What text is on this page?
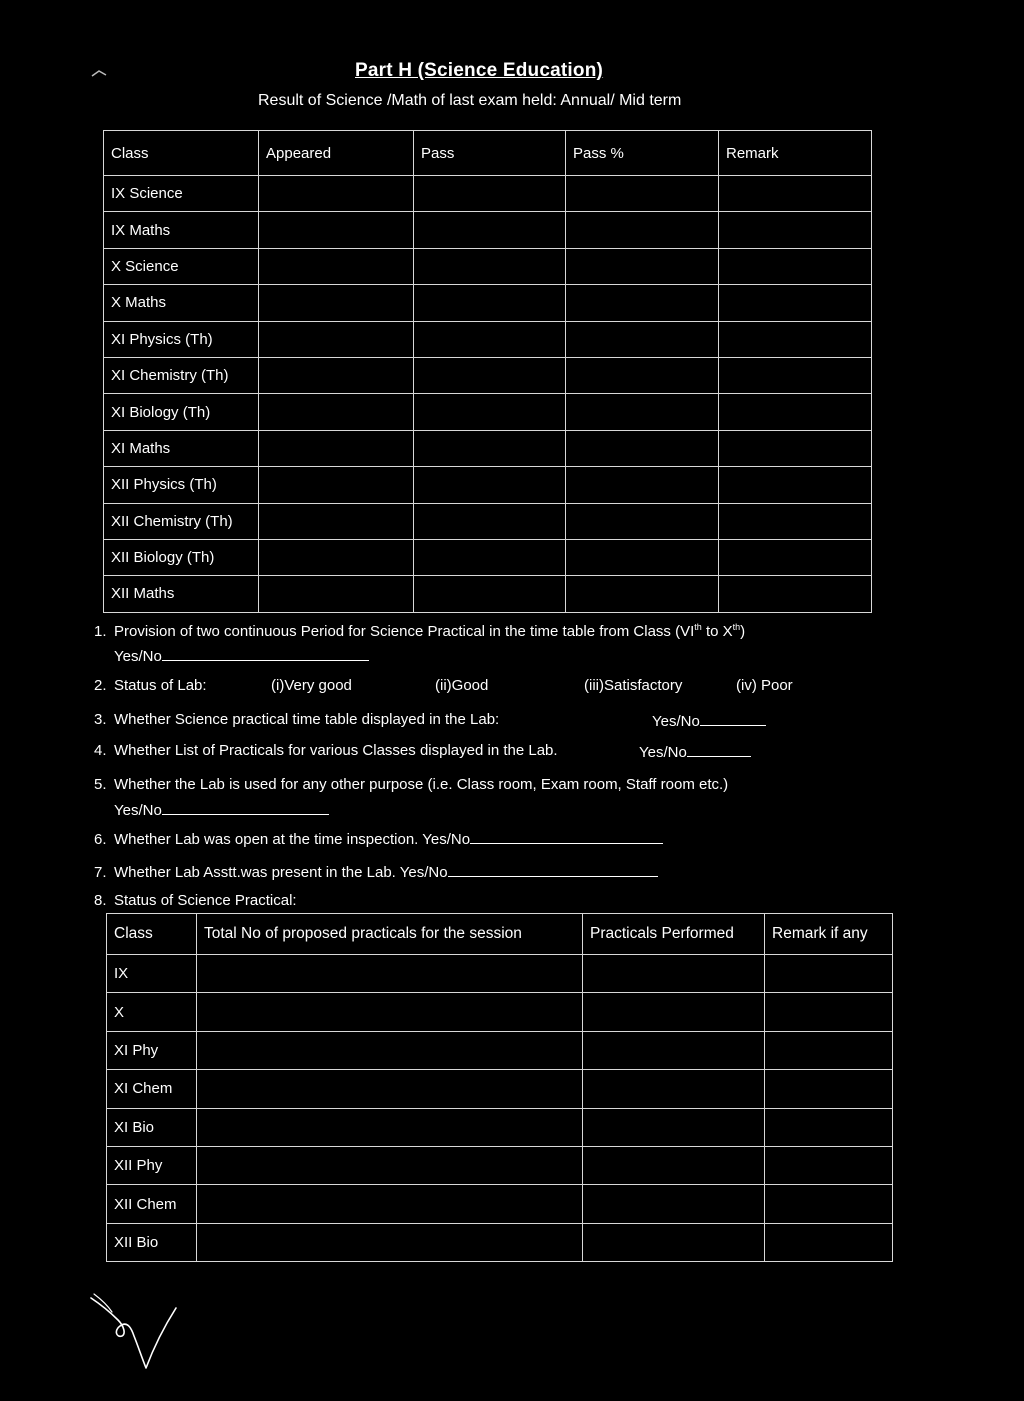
Part H (Science Education)
Result of Science /Math of last exam held: Annual/ Mid term
Class	Appeared	Pass	Pass %	Remark
IX Science				
IX Maths				
X Science				
X Maths				
XI Physics (Th)				
XI Chemistry (Th)				
XI Biology (Th)				
XI Maths				
XII Physics (Th)				
XII Chemistry (Th)				
XII Biology (Th)				
XII Maths				
1. Provision of two continuous Period for Science Practical in the time table from Class (VIth to Xth)
Yes/No
2. Status of Lab:	(i)Very good	(ii)Good	(iii)Satisfactory	(iv) Poor
3. Whether Science practical time table displayed in the Lab:	Yes/No
4. Whether List of Practicals for various Classes displayed in the Lab.	Yes/No
5. Whether the Lab is used for any other purpose (i.e. Class room, Exam room, Staff room etc.)
Yes/No
6. Whether Lab was open at the time inspection. Yes/No
7. Whether Lab Asstt.was present in the Lab. Yes/No
8. Status of Science Practical:
Class	Total No of proposed practicals for the session	Practicals Performed	Remark if any
IX			
X			
XI Phy			
XI Chem			
XI Bio			
XII Phy			
XII Chem			
XII Bio			
